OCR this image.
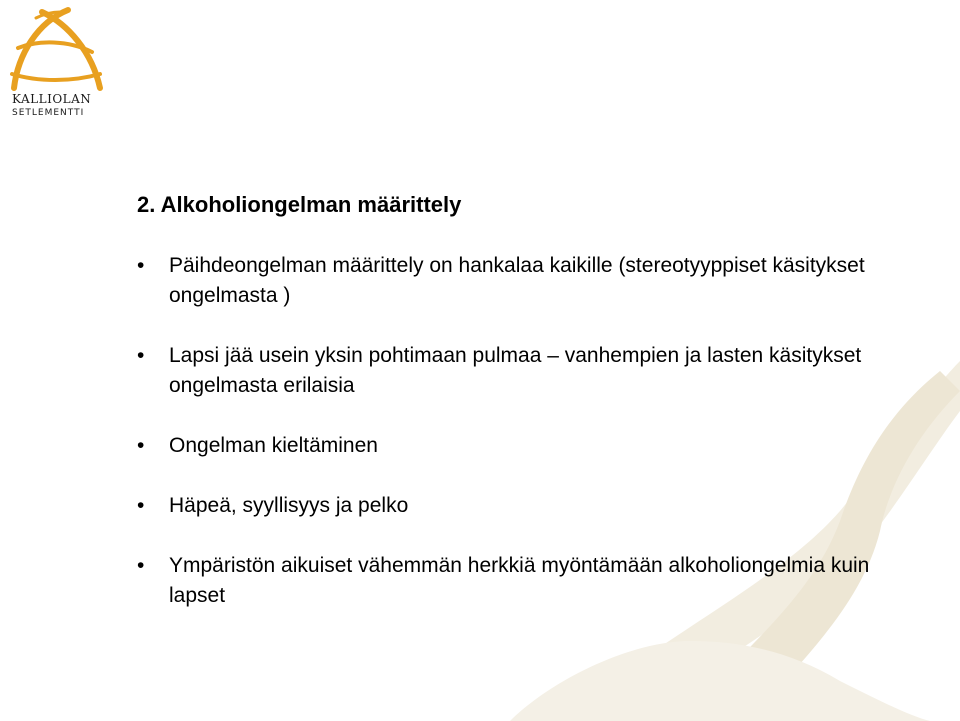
KALLIOLAN
SETLEMENTTI
2. Alkoholiongelman määrittely
•	Päihdeongelman määrittely on hankalaa kaikille (stereotyyppiset käsitykset ongelmasta )
•	Lapsi jää usein yksin pohtimaan pulmaa – vanhempien ja lasten käsitykset ongelmasta erilaisia
•	Ongelman kieltäminen
•	Häpeä, syyllisyys ja pelko
•	Ympäristön aikuiset vähemmän herkkiä myöntämään alkoholiongelmia kuin lapset
